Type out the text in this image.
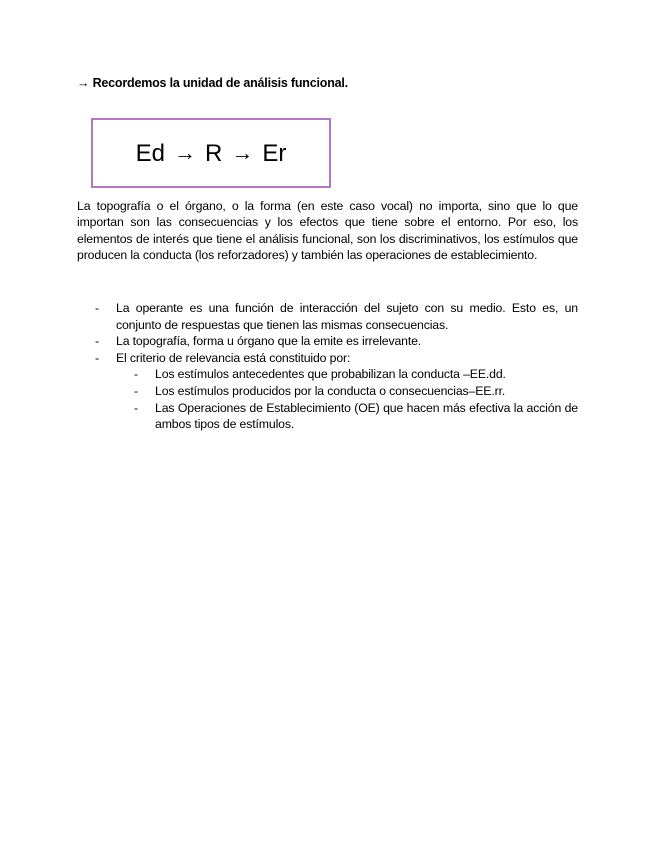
→ Recordemos la unidad de análisis funcional.
Ed → R → Er
La topografía o el órgano, o la forma (en este caso vocal) no importa, sino que lo que importan son las consecuencias y los efectos que tiene sobre el entorno. Por eso, los elementos de interés que tiene el análisis funcional, son los discriminativos, los estímulos que producen la conducta (los reforzadores) y también las operaciones de establecimiento.
- La operante es una función de interacción del sujeto con su medio. Esto es, un conjunto de respuestas que tienen las mismas consecuencias.
- La topografía, forma u órgano que la emite es irrelevante.
- El criterio de relevancia está constituido por:
- Los estímulos antecedentes que probabilizan la conducta –EE.dd.
- Los estímulos producidos por la conducta o consecuencias–EE.rr.
- Las Operaciones de Establecimiento (OE) que hacen más efectiva la acción de ambos tipos de estímulos.
